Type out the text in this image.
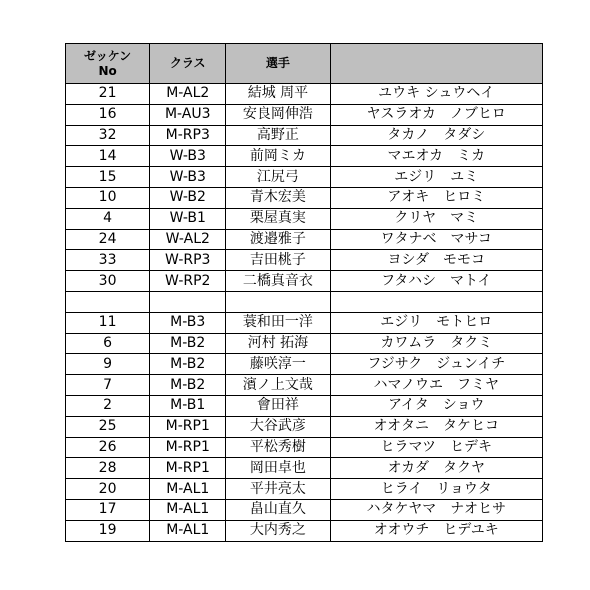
ゼッケン
No	クラス	選手	
21	M-AL2	結城 周平	ユウキ シュウヘイ
16	M-AU3	安良岡伸浩	ヤスラオカ　ノブヒロ
32	M-RP3	高野正	タカノ　タダシ
14	W-B3	前岡ミカ	マエオカ　ミカ
15	W-B3	江尻弓	エジリ　ユミ
10	W-B2	青木宏美	アオキ　ヒロミ
4	W-B1	栗屋真実	クリヤ　マミ
24	W-AL2	渡邉雅子	ワタナベ　マサコ
33	W-RP3	吉田桃子	ヨシダ　モモコ
30	W-RP2	二橋真音衣	フタハシ　マトイ

11	M-B3	蓑和田一洋	エジリ　モトヒロ
6	M-B2	河村 拓海	カワムラ　タクミ
9	M-B2	藤咲淳一	フジサク　ジュンイチ
7	M-B2	濱ノ上文哉	ハマノウエ　フミヤ
2	M-B1	會田祥	アイタ　ショウ
25	M-RP1	大谷武彦	オオタニ　タケヒコ
26	M-RP1	平松秀樹	ヒラマツ　ヒデキ
28	M-RP1	岡田卓也	オカダ　タクヤ
20	M-AL1	平井亮太	ヒライ　リョウタ
17	M-AL1	畠山直久	ハタケヤマ　ナオヒサ
19	M-AL1	大内秀之	オオウチ　ヒデユキ
